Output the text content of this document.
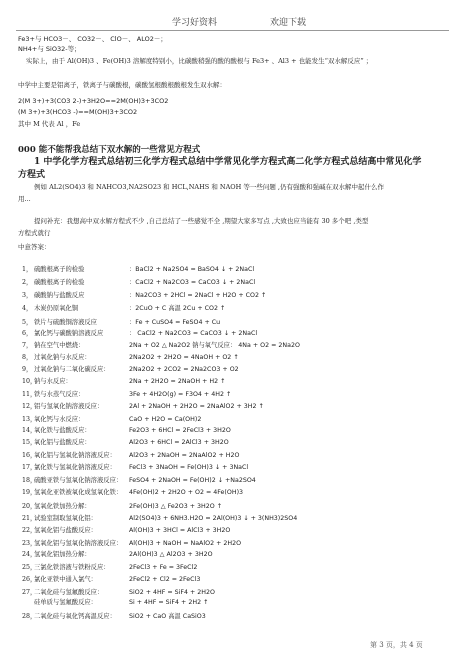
学习好资料	欢迎下载
Fe3+与 HCO3－、 CO32－、 ClO－、 ALO2－；
NH4+与 SiO32-等；
实际上，由于 Al(OH)3 、Fe(OH)3 溶解度特别小，比碳酸稍强的酸的酸根与 Fe3+ 、Al3 + 也能发生“双水解反应” ；
中学中主要是铝离子，铁离子与碳酸根，碳酸氢根酸根酸根发生双水解：
2(M 3+)+3(CO3 2-)+3H2O==2M(OH)3+3CO2
(M 3+)+3(HCO3 -)==M(OH)3+3CO2
其中 M 代表 Al ，Fe
000 能不能帮我总结下双水解的一些常见方程式
1 中学化学方程式总结初三化学方程式总结中学常见化学方程式高二化学方程式总结高中常见化学
方程式
例如 AL2(SO4)3 和 NAHCO3,NA2SO23 和 HCL,NAHS 和 NAOH 等一些问题 ,仍有强酸和强碱在双水解中起什么作
用...
提问补充：我想高中双水解方程式不少 ,自己总结了一些感觉不全 ,期望大家多写点 ,大致也应当能有 30 多个吧 ,类型
方程式就行
中意答案：
1， 硫酸根离子的检验	：BaCl2 + Na2SO4 = BaSO4 ↓ + 2NaCl
2， 碳酸根离子的检验	：CaCl2 + Na2CO3 = CaCO3 ↓ + 2NaCl
3， 碳酸钠与盐酸反应	：Na2CO3 + 2HCl = 2NaCl + H2O + CO2 ↑
4， 木炭仍原氧化铜	：2CuO + C 高温 2Cu + CO2 ↑
5， 铁片与硫酸铜溶液反应	：Fe + CuSO4 = FeSO4 + Cu
6， 氯化钙与碳酸钠溶液反应	： CaCl2 + Na2CO3 = CaCO3 ↓ + 2NaCl
7， 钠在空气中燃烧：	2Na + O2 △ Na2O2 钠与氧气反应： 4Na + O2 = 2Na2O
8， 过氧化钠与水反应：	2Na2O2 + 2H2O = 4NaOH + O2 ↑
9， 过氧化钠与二氧化碳反应：	2Na2O2 + 2CO2 = 2Na2CO3 + O2
10，钠与水反应：	2Na + 2H2O = 2NaOH + H2 ↑
11，铁与水蒸气反应：	3Fe + 4H2O(g) = F3O4 + 4H2 ↑
12，铝与氢氧化钠溶液反应：	2Al + 2NaOH + 2H2O = 2NaAlO2 + 3H2 ↑
13，氧化钙与水反应：	CaO + H2O = Ca(OH)2
14，氧化铁与盐酸反应：	Fe2O3 + 6HCl = 2FeCl3 + 3H2O
15，氧化铝与盐酸反应：	Al2O3 + 6HCl = 2AlCl3 + 3H2O
16，氧化铝与氢氧化钠溶液反应：Al2O3 + 2NaOH = 2NaAlO2 + H2O
17，氯化铁与氢氧化钠溶液反应：FeCl3 + 3NaOH = Fe(OH)3 ↓ + 3NaCl
18，硫酸亚铁与氢氧化钠溶液反应：FeSO4 + 2NaOH = Fe(OH)2 ↓ +Na2SO4
19，氢氧化亚铁被氧化成氢氧化铁：4Fe(OH)2 + 2H2O + O2 = 4Fe(OH)3
20，氢氧化铁加热分解：	2Fe(OH)3 △ Fe2O3 + 3H2O ↑
21，试验室制取氢氧化铝：	Al2(SO4)3 + 6NH3.H2O = 2Al(OH)3 ↓ + 3(NH3)2SO4
22，氢氧化铝与盐酸反应：	Al(OH)3 + 3HCl = AlCl3 + 3H2O
23，氢氧化铝与氢氧化钠溶液反应：Al(OH)3 + NaOH = NaAlO2 + 2H2O
24，氢氧化铝加热分解：	2Al(OH)3 △ Al2O3 + 3H2O
25，三氯化铁溶液与铁粉反应：	2FeCl3 + Fe = 3FeCl2
26，氯化亚铁中通入氯气：	2FeCl2 + Cl2 = 2FeCl3
27，二氧化硅与氢氟酸反应：	SiO2 + 4HF = SiF4 + 2H2O
硅单质与氢氟酸反应：	Si + 4HF = SiF4 + 2H2 ↑
28，二氧化硅与氧化钙高温反应：SiO2 + CaO 高温 CaSiO3
第 3 页，共 4 页
